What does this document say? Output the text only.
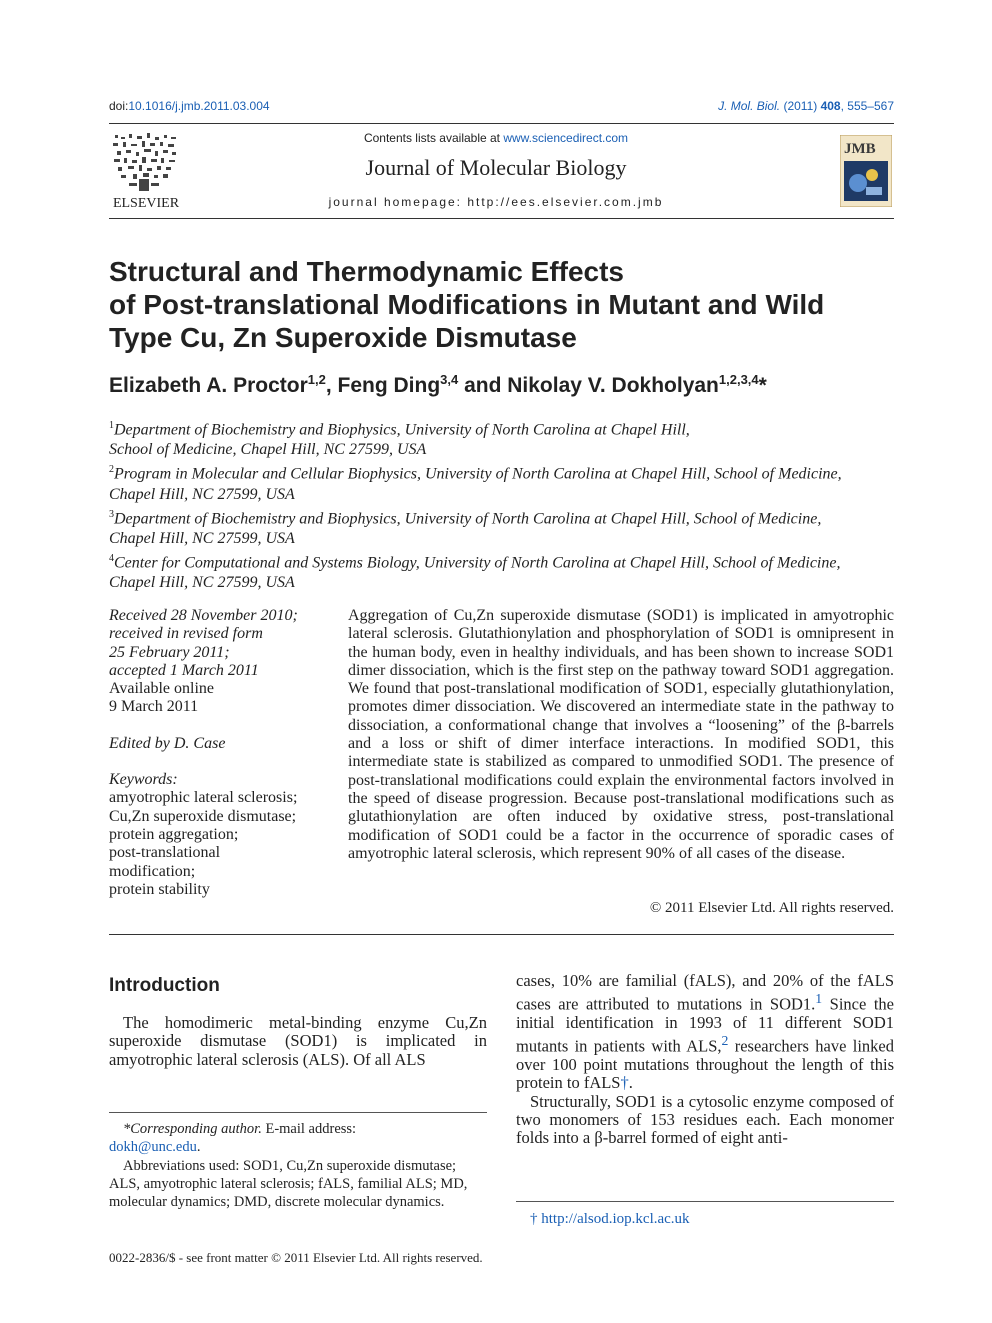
doi:10.1016/j.jmb.2011.03.004	J. Mol. Biol. (2011) 408, 555–567
ELSEVIER
Contents lists available at www.sciencedirect.com
Journal of Molecular Biology
journal homepage: http://ees.elsevier.com.jmb
JMB
Structural and Thermodynamic Effects
of Post-translational Modifications in Mutant and Wild
Type Cu, Zn Superoxide Dismutase
Elizabeth A. Proctor$^{1,2}$, Feng Ding$^{3,4}$ and Nikolay V. Dokholyan$^{1,2,3,4}$*
$^1$Department of Biochemistry and Biophysics, University of North Carolina at Chapel Hill,
School of Medicine, Chapel Hill, NC 27599, USA
$^2$Program in Molecular and Cellular Biophysics, University of North Carolina at Chapel Hill, School of Medicine,
Chapel Hill, NC 27599, USA
$^3$Department of Biochemistry and Biophysics, University of North Carolina at Chapel Hill, School of Medicine,
Chapel Hill, NC 27599, USA
$^4$Center for Computational and Systems Biology, University of North Carolina at Chapel Hill, School of Medicine,
Chapel Hill, NC 27599, USA
Received 28 November 2010;
received in revised form
25 February 2011;
accepted 1 March 2011
Available online
9 March 2011
Edited by D. Case
Keywords:
amyotrophic lateral sclerosis;
Cu,Zn superoxide dismutase;
protein aggregation;
post-translational
modification;
protein stability
Aggregation of Cu,Zn superoxide dismutase (SOD1) is implicated in amyotrophic lateral sclerosis. Glutathionylation and phosphorylation of SOD1 is omnipresent in the human body, even in healthy individuals, and has been shown to increase SOD1 dimer dissociation, which is the first step on the pathway toward SOD1 aggregation. We found that post-translational modification of SOD1, especially glutathionylation, promotes dimer dissociation. We discovered an intermediate state in the pathway to dissociation, a conformational change that involves a “loosening” of the β-barrels and a loss or shift of dimer interface interactions. In modified SOD1, this intermediate state is stabilized as compared to unmodified SOD1. The presence of post-translational modifications could explain the environmental factors involved in the speed of disease progression. Because post-translational modifications such as glutathionylation are often induced by oxidative stress, post-translational modification of SOD1 could be a factor in the occurrence of sporadic cases of amyotrophic lateral sclerosis, which represent 90% of all cases of the disease.
© 2011 Elsevier Ltd. All rights reserved.
Introduction

The homodimeric metal-binding enzyme Cu,Zn superoxide dismutase (SOD1) is implicated in amyotrophic lateral sclerosis (ALS). Of all ALS

cases, 10% are familial (fALS), and 20% of the fALS cases are attributed to mutations in SOD1.$^1$ Since the initial identification in 1993 of 11 different SOD1 mutants in patients with ALS,$^2$ researchers have linked over 100 point mutations throughout the length of this protein to fALS†.

Structurally, SOD1 is a cytosolic enzyme composed of two monomers of 153 residues each. Each monomer folds into a β-barrel formed of eight anti-

*Corresponding author. E-mail address:

dokh@unc.edu.

Abbreviations used: SOD1, Cu,Zn superoxide dismutase; ALS, amyotrophic lateral sclerosis; fALS, familial ALS; MD, molecular dynamics; DMD, discrete molecular dynamics.

† http://alsod.iop.kcl.ac.uk
0022-2836/$ - see front matter © 2011 Elsevier Ltd. All rights reserved.
